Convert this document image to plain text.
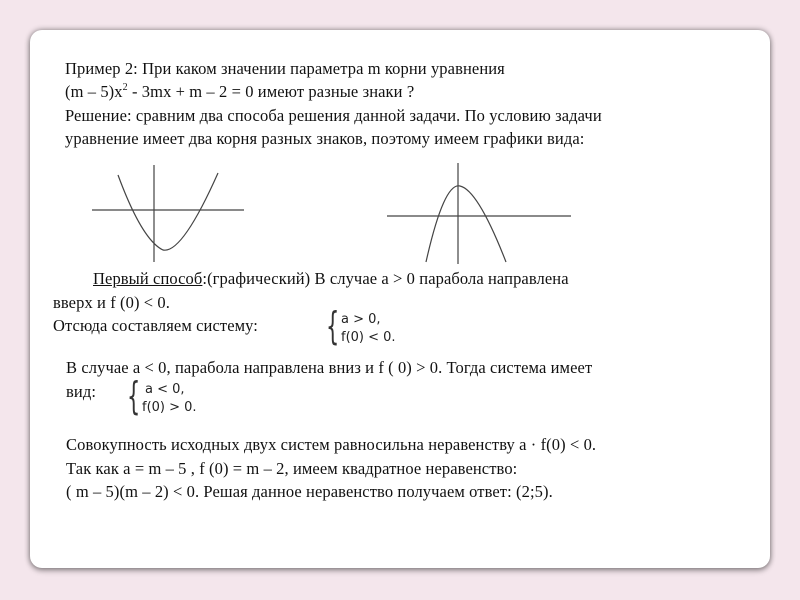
Пример 2: При каком значении параметра m корни уравнения
$(m - 5)x^2 - 3mx + m - 2 = 0$ имеют разные знаки ?
Решение: сравним два способа решения данной задачи. По условию задачи
уравнение имеет два корня разных знаков, поэтому имеем графики вида:
Первый способ:(графический) В случае а > 0 парабола направлена
вверх и f (0) < 0.
Отсюда составляем систему: { a > 0,
f(0) < 0.
В случае а < 0, парабола направлена вниз и f ( 0) > 0. Тогда система имеет
вид: { a < 0,
f(0) > 0.
Совокупность исходных двух систем равносильна неравенству а · f(0) < 0.
Так как а = m – 5 , f (0) = m – 2, имеем квадратное неравенство:
( m – 5)(m – 2) < 0. Решая данное неравенство получаем ответ: (2;5).
